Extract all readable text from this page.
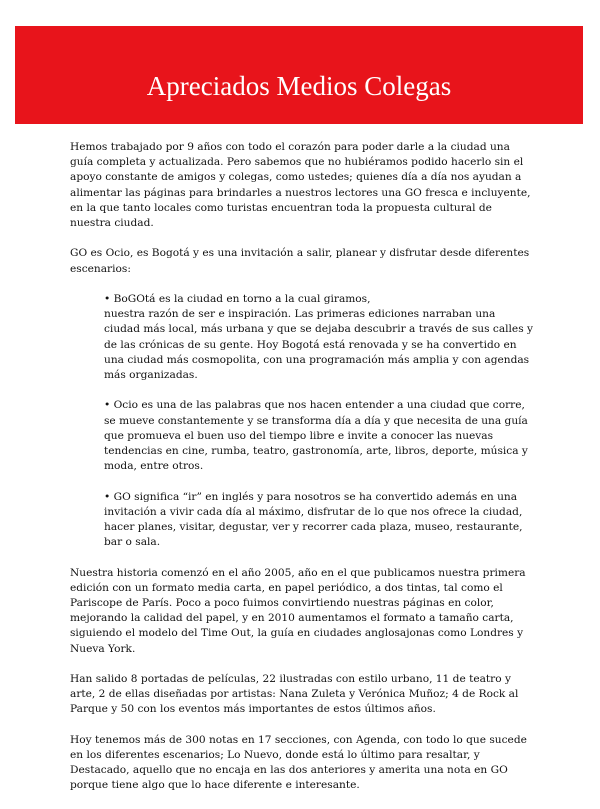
Apreciados Medios Colegas

Hemos trabajado por 9 años con todo el corazón para poder darle a la ciudad una guía completa y actualizada. Pero sabemos que no hubiéramos podido hacerlo sin el apoyo constante de amigos y colegas, como ustedes; quienes día a día nos ayudan a alimentar las páginas para brindarles a nuestros lectores una GO fresca e incluyente, en la que tanto locales como turistas encuentran toda la propuesta cultural de nuestra ciudad.

GO es Ocio, es Bogotá y es una invitación a salir, planear y disfrutar desde diferentes escenarios:

• BoGOtá es la ciudad en torno a la cual giramos,
nuestra razón de ser e inspiración. Las primeras ediciones narraban una ciudad más local, más urbana y que se dejaba descubrir a través de sus calles y de las crónicas de su gente. Hoy Bogotá está renovada y se ha convertido en una ciudad más cosmopolita, con una programación más amplia y con agendas más organizadas.
• Ocio es una de las palabras que nos hacen entender a una ciudad que corre, se mueve constantemente y se transforma día a día y que necesita de una guía que promueva el buen uso del tiempo libre e invite a conocer las nuevas tendencias en cine, rumba, teatro, gastronomía, arte, libros, deporte, música y moda, entre otros.
• GO significa “ir” en inglés y para nosotros se ha convertido además en una invitación a vivir cada día al máximo, disfrutar de lo que nos ofrece la ciudad, hacer planes, visitar, degustar, ver y recorrer cada plaza, museo, restaurante, bar o sala.

Nuestra historia comenzó en el año 2005, año en el que publicamos nuestra primera edición con un formato media carta, en papel periódico, a dos tintas, tal como el Pariscope de París. Poco a poco fuimos convirtiendo nuestras páginas en color, mejorando la calidad del papel, y en 2010 aumentamos el formato a tamaño carta, siguiendo el modelo del Time Out, la guía en ciudades anglosajonas como Londres y Nueva York.

Han salido 8 portadas de películas, 22 ilustradas con estilo urbano, 11 de teatro y arte, 2 de ellas diseñadas por artistas: Nana Zuleta y Verónica Muñoz; 4 de Rock al Parque y 50 con los eventos más importantes de estos últimos años.

Hoy tenemos más de 300 notas en 17 secciones, con Agenda, con todo lo que sucede en los diferentes escenarios; Lo Nuevo, donde está lo último para resaltar, y Destacado, aquello que no encaja en las dos anteriores y amerita una nota en GO porque tiene algo que lo hace diferente e interesante.
